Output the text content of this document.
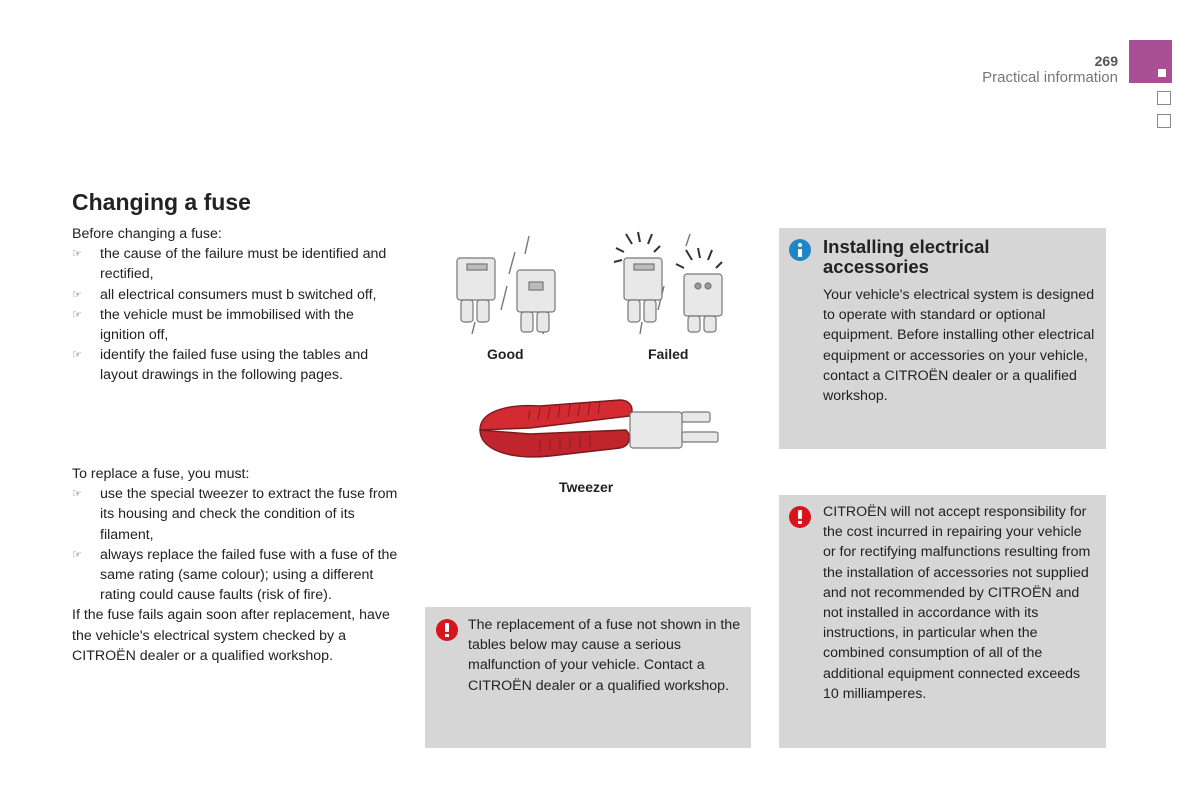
269
Practical information
Changing a fuse

Before changing a fuse:

☞ the cause of the failure must be identified and rectified,
☞ all electrical consumers must b switched off,
☞ the vehicle must be immobilised with the ignition off,
☞ identify the failed fuse using the tables and layout drawings in the following pages.

To replace a fuse, you must:

☞ use the special tweezer to extract the fuse from its housing and check the condition of its filament,
☞ always replace the failed fuse with a fuse of the same rating (same colour); using a different rating could cause faults (risk of fire).

If the fuse fails again soon after replacement, have the vehicle's electrical system checked by a CITROËN dealer or a qualified workshop.

Good	Failed
Tweezer

The replacement of a fuse not shown in the tables below may cause a serious malfunction of your vehicle. Contact a CITROËN dealer or a qualified workshop.

Installing electrical accessories

Your vehicle's electrical system is designed to operate with standard or optional equipment. Before installing other electrical equipment or accessories on your vehicle, contact a CITROËN dealer or a qualified workshop.

CITROËN will not accept responsibility for the cost incurred in repairing your vehicle or for rectifying malfunctions resulting from the installation of accessories not supplied and not recommended by CITROËN and not installed in accordance with its instructions, in particular when the combined consumption of all of the additional equipment connected exceeds 10 milliamperes.
